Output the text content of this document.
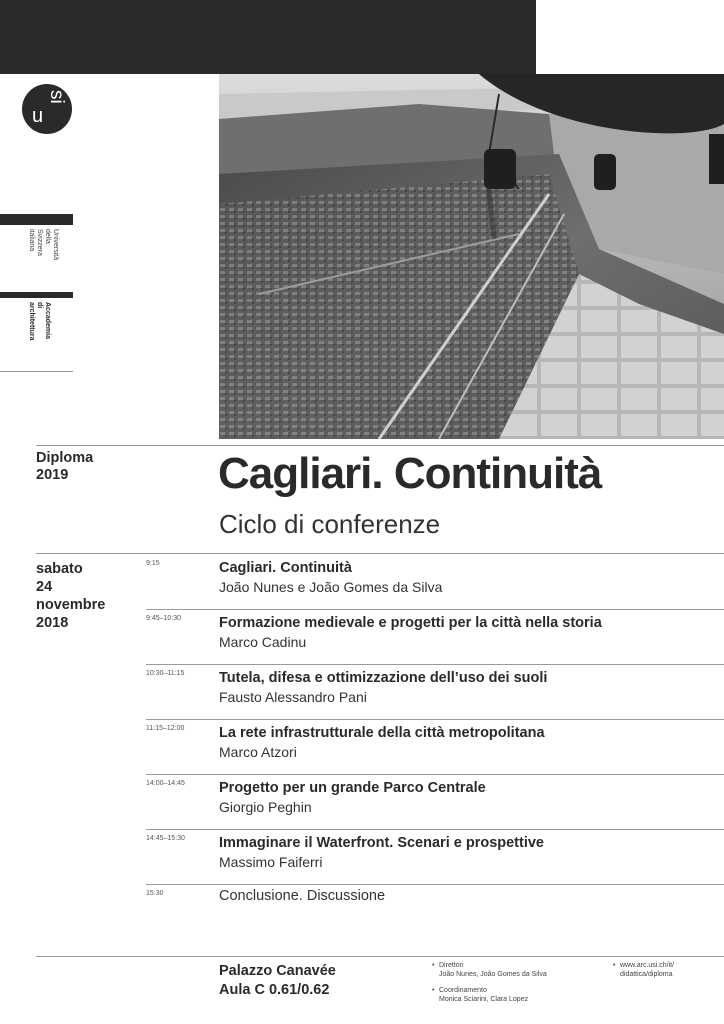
u
si
Università
della
Svizzera
italiana
Accademia
di
architettura
Diploma
2019	Cagliari. Continuità
Ciclo di conferenze
sabato
24
novembre
2018
9:15	Cagliari. Continuità
João Nunes e João Gomes da Silva
9:45–10:30	Formazione medievale e progetti per la città nella storia
Marco Cadinu
10:30–11:15 Tutela, difesa e ottimizzazione dell’uso dei suoli
Fausto Alessandro Pani
11:15–12:00 La rete infrastrutturale della città metropolitana
Marco Atzori
14:00–14:45 Progetto per un grande Parco Centrale
Giorgio Peghin
14:45–15:30 Immaginare il Waterfront. Scenari e prospettive
Massimo Faiferri
15:30	Conclusione. Discussione
Palazzo Canavée
Aula C 0.61/0.62
• Direttori
João Nunes, João Gomes da Silva
• Coordinamento
Monica Sciarini, Clara Lopez
• www.arc.usi.ch/it/
didattica/diploma
